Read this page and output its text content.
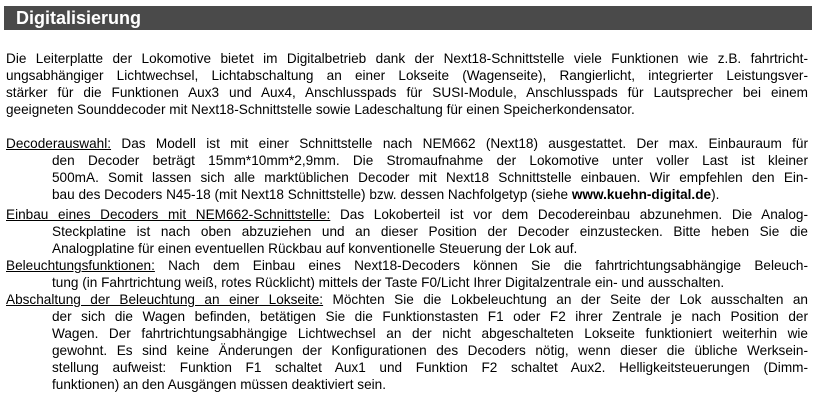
Digitalisierung
Die Leiterplatte der Lokomotive bietet im Digitalbetrieb dank der Next18-Schnittstelle viele Funktionen wie z.B. fahrtricht-
ungsabhängiger Lichtwechsel, Lichtabschaltung an einer Lokseite (Wagenseite), Rangierlicht, integrierter Leistungsver-
stärker für die Funktionen Aux3 und Aux4, Anschlusspads für SUSI-Module, Anschlusspads für Lautsprecher bei einem
geeigneten Sounddecoder mit Next18-Schnittstelle sowie Ladeschaltung für einen Speicherkondensator.
Decoderauswahl: Das Modell ist mit einer Schnittstelle nach NEM662 (Next18) ausgestattet. Der max. Einbauraum für
den Decoder beträgt 15mm*10mm*2,9mm. Die Stromaufnahme der Lokomotive unter voller Last ist kleiner
500mA. Somit lassen sich alle marktüblichen Decoder mit Next18 Schnittstelle einbauen. Wir empfehlen den Ein-
bau des Decoders N45-18 (mit Next18 Schnittstelle) bzw. dessen Nachfolgetyp (siehe www.kuehn-digital.de).
Einbau eines Decoders mit NEM662-Schnittstelle: Das Lokoberteil ist vor dem Decodereinbau abzunehmen. Die Analog-
Steckplatine ist nach oben abzuziehen und an dieser Position der Decoder einzustecken. Bitte heben Sie die
Analogplatine für einen eventuellen Rückbau auf konventionelle Steuerung der Lok auf.
Beleuchtungsfunktionen: Nach dem Einbau eines Next18-Decoders können Sie die fahrtrichtungsabhängige Beleuch-
tung (in Fahrtrichtung weiß, rotes Rücklicht) mittels der Taste F0/Licht Ihrer Digitalzentrale ein- und ausschalten.
Abschaltung der Beleuchtung an einer Lokseite: Möchten Sie die Lokbeleuchtung an der Seite der Lok ausschalten an
der sich die Wagen befinden, betätigen Sie die Funktionstasten F1 oder F2 ihrer Zentrale je nach Position der
Wagen. Der fahrtrichtungsabhängige Lichtwechsel an der nicht abgeschalteten Lokseite funktioniert weiterhin wie
gewohnt. Es sind keine Änderungen der Konfigurationen des Decoders nötig, wenn dieser die übliche Werksein-
stellung aufweist: Funktion F1 schaltet Aux1 und Funktion F2 schaltet Aux2. Helligkeitsteuerungen (Dimm-
funktionen) an den Ausgängen müssen deaktiviert sein.
